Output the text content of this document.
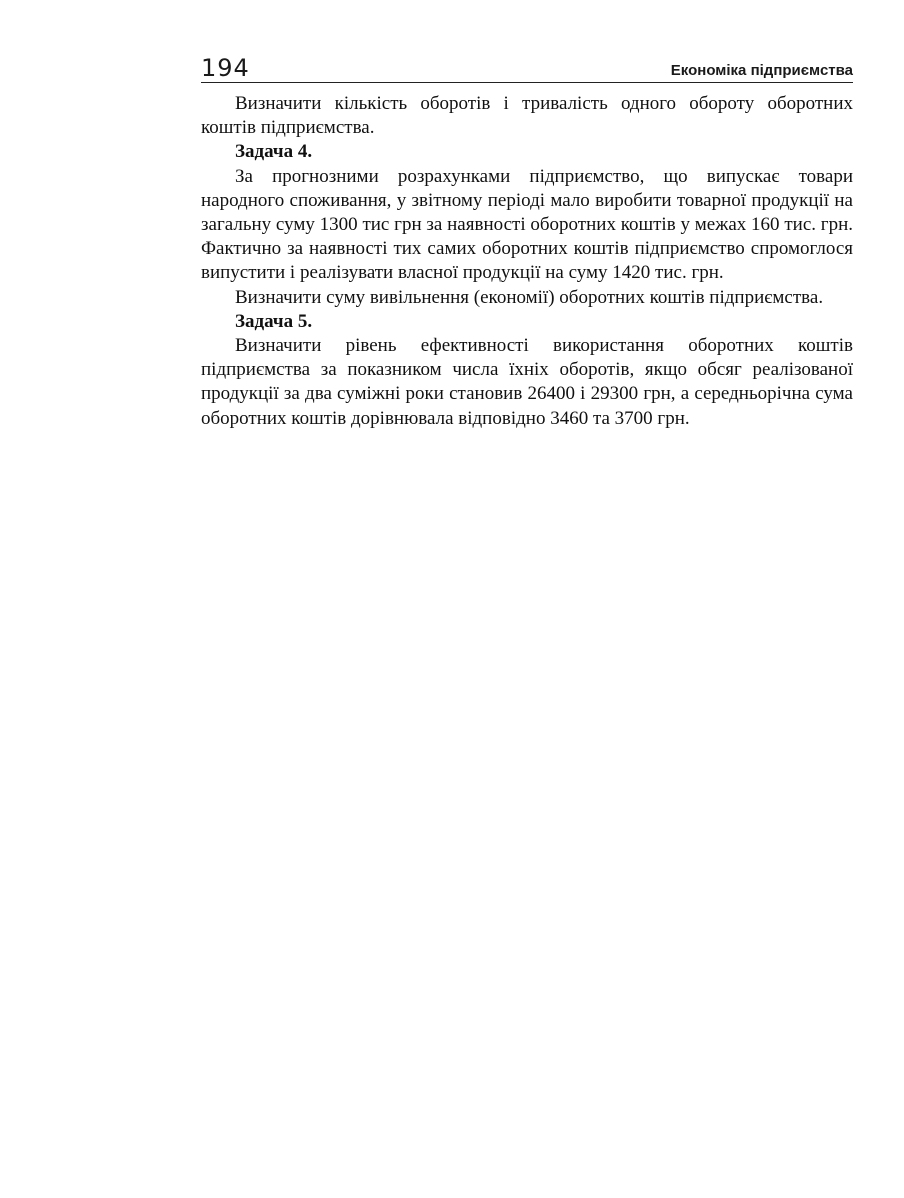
194	Економіка підприємства

Визначити кількість оборотів і тривалість одного обороту оборотних коштів підприємства.

Задача 4.

За прогнозними розрахунками підприємство, що випускає товари народного споживання, у звітному періоді мало виробити товарної продукції на загальну суму 1300 тис грн за наявності оборотних коштів у межах 160 тис. грн. Фактично за наявності тих самих оборотних коштів підприємство спромоглося випустити і реалізувати власної продукції на суму 1420 тис. грн.

Визначити суму вивільнення (економії) оборотних коштів підприємства.

Задача 5.

Визначити рівень ефективності використання оборотних коштів підприємства за показником числа їхніх оборотів, якщо обсяг реалізованої продукції за два суміжні роки становив 26400 і 29300 грн, а середньорічна сума оборотних коштів дорівнювала відповідно 3460 та 3700 грн.
